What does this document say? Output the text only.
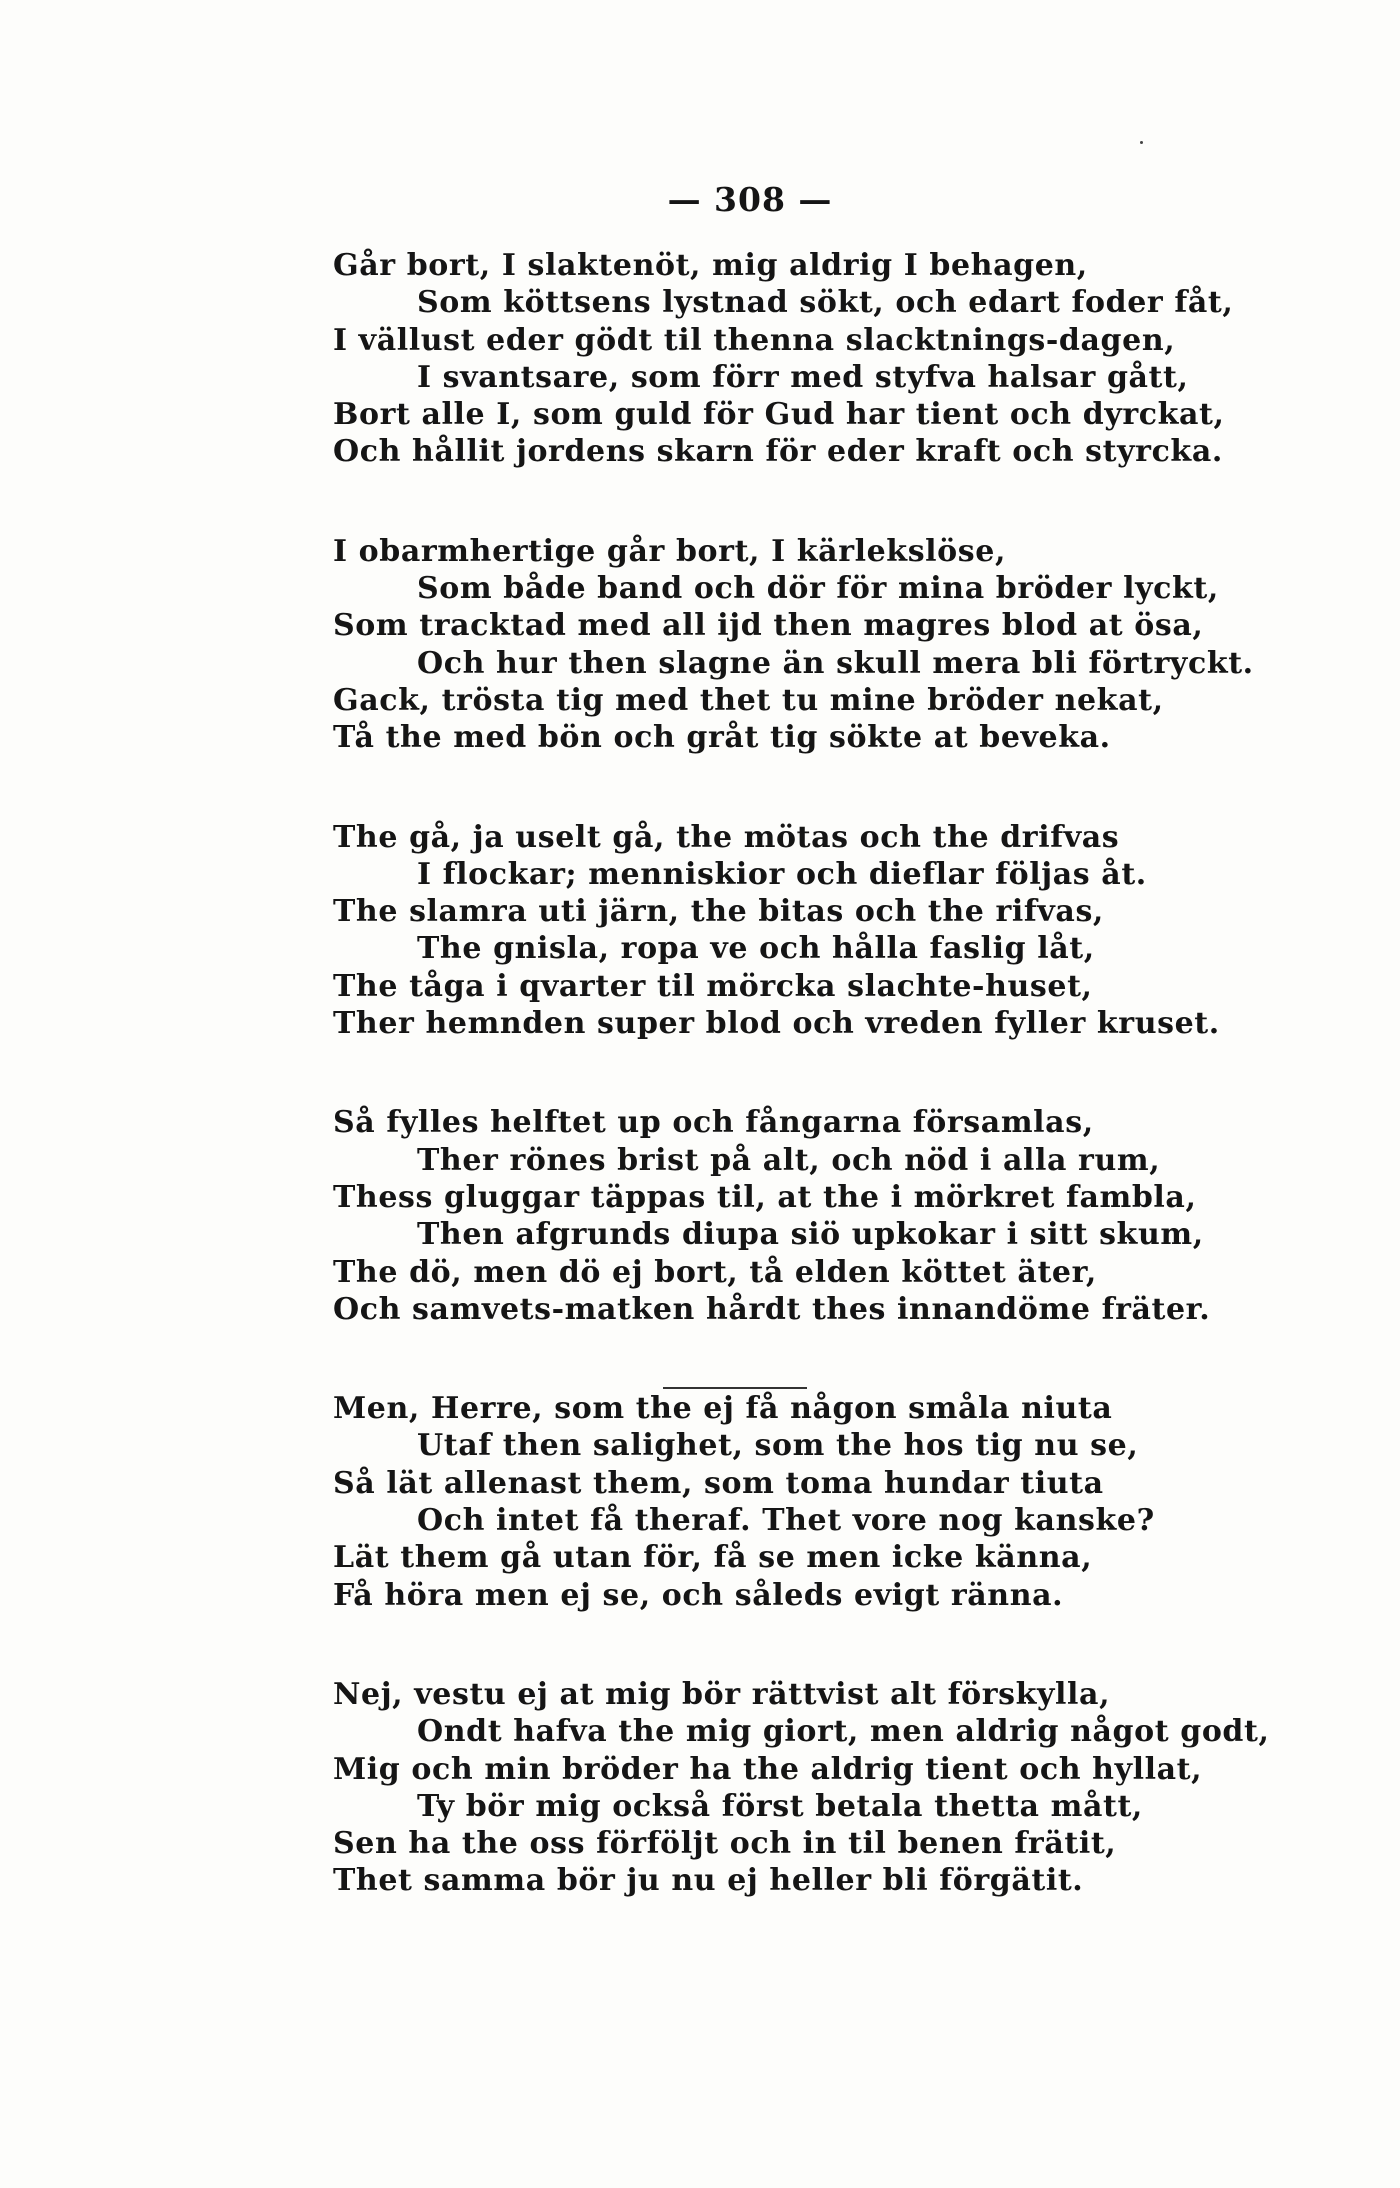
— 308 —
Går bort, I slaktenöt, mig aldrig I behagen,
Som köttsens lystnad sökt, och edart foder fåt,
I vällust eder gödt til thenna slacktnings-dagen,
I svantsare, som förr med styfva halsar gått,
Bort alle I, som guld för Gud har tient och dyrckat,
Och hållit jordens skarn för eder kraft och styrcka.
I obarmhertige går bort, I kärlekslöse,
Som både band och dör för mina bröder lyckt,
Som tracktad med all ijd then magres blod at ösa,
Och hur then slagne än skull mera bli förtryckt.
Gack, trösta tig med thet tu mine bröder nekat,
Tå the med bön och gråt tig sökte at beveka.
The gå, ja uselt gå, the mötas och the drifvas
I flockar; menniskior och dieflar följas åt.
The slamra uti järn, the bitas och the rifvas,
The gnisla, ropa ve och hålla faslig låt,
The tåga i qvarter til mörcka slachte-huset,
Ther hemnden super blod och vreden fyller kruset.
Så fylles helftet up och fångarna församlas,
Ther rönes brist på alt, och nöd i alla rum,
Thess gluggar täppas til, at the i mörkret fambla,
Then afgrunds diupa siö upkokar i sitt skum,
The dö, men dö ej bort, tå elden köttet äter,
Och samvets-matken hårdt thes innandöme fräter.
Men, Herre, som the ej få någon småla niuta
Utaf then salighet, som the hos tig nu se,
Så lät allenast them, som toma hundar tiuta
Och intet få theraf. Thet vore nog kanske?
Lät them gå utan för, få se men icke känna,
Få höra men ej se, och såleds evigt ränna.
Nej, vestu ej at mig bör rättvist alt förskylla,
Ondt hafva the mig giort, men aldrig något godt,
Mig och min bröder ha the aldrig tient och hyllat,
Ty bör mig också först betala thetta mått,
Sen ha the oss förföljt och in til benen frätit,
Thet samma bör ju nu ej heller bli förgätit.
